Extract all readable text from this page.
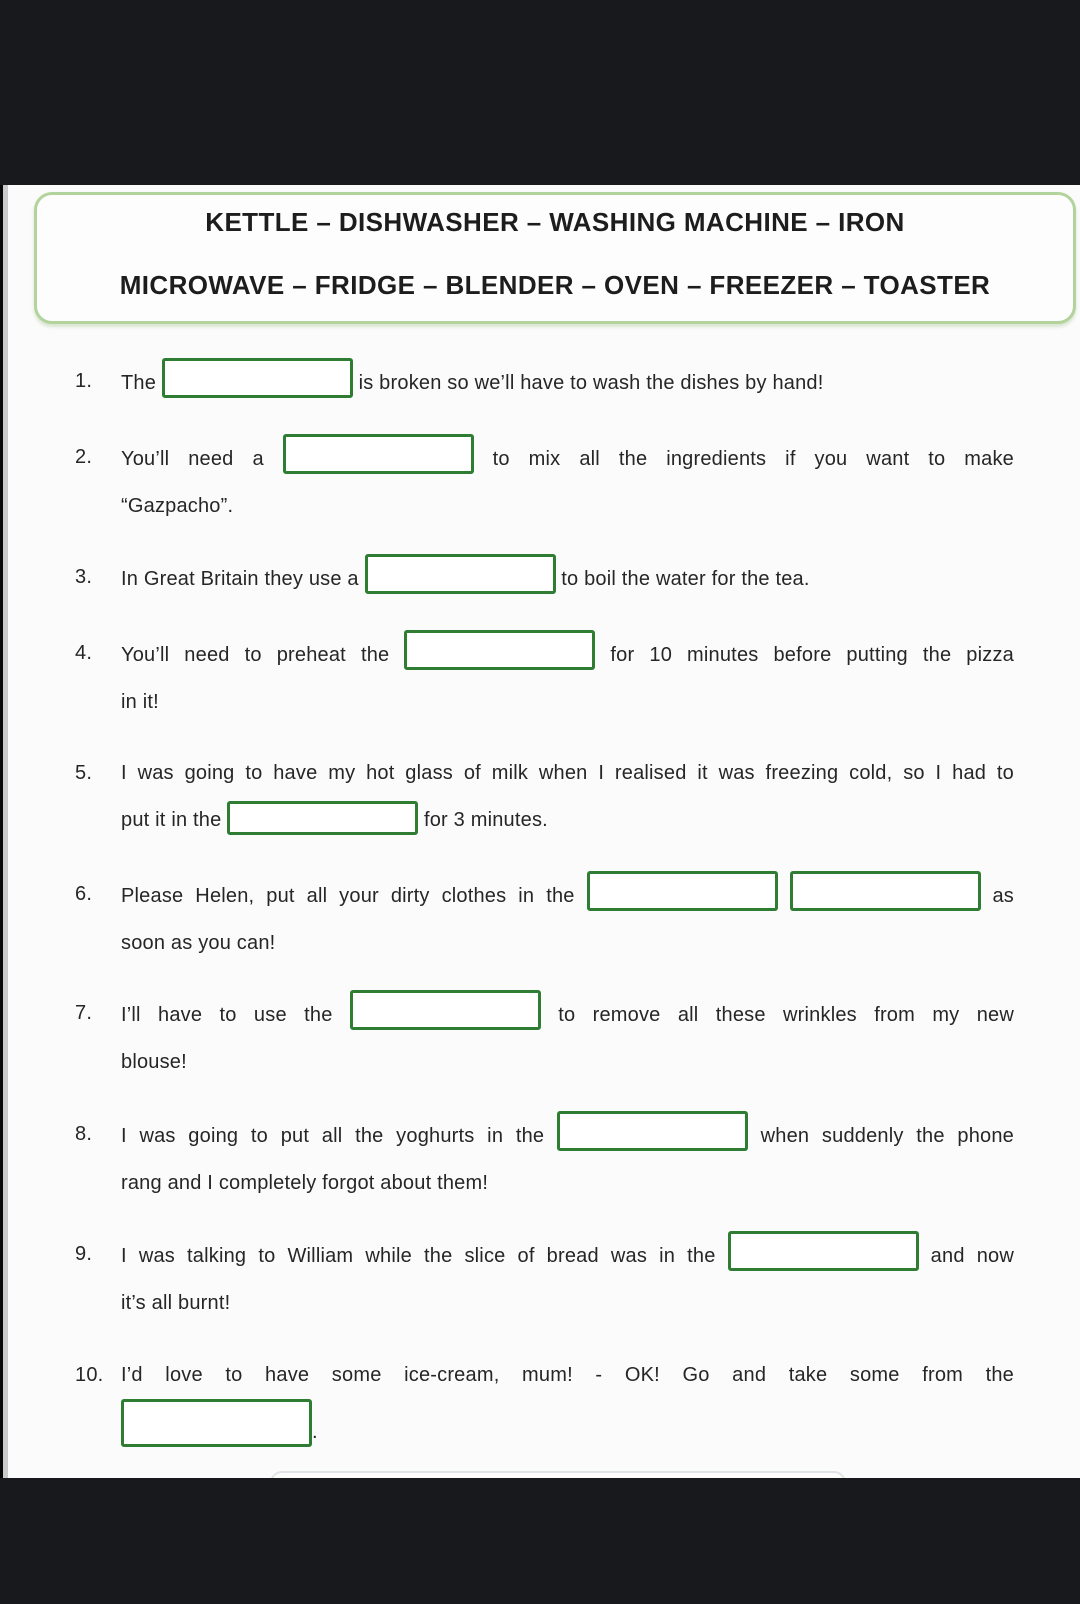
KETTLE – DISHWASHER – WASHING MACHINE – IRON
MICROWAVE – FRIDGE – BLENDER – OVEN – FREEZER – TOASTER
1.	The	is broken so we’ll have to wash the dishes by hand!
2.	You’ll need a	to mix all the ingredients if you want to make
“Gazpacho”.
3.	In Great Britain they use a	to boil the water for the tea.
4.	You’ll need to preheat the	for 10 minutes before putting the pizza
in it!
5.	I was going to have my hot glass of milk when I realised it was freezing cold, so I had to
put it in the	for 3 minutes.
6.	Please Helen, put all your dirty clothes in the	as
soon as you can!
7.	I’ll have to use the	to remove all these wrinkles from my new
blouse!
8.	I was going to put all the yoghurts in the	when suddenly the phone
rang and I completely forgot about them!
9.	I was talking to William while the slice of bread was in the	and now
it’s all burnt!
10. I’d love to have some ice-cream, mum! - OK! Go and take some from the
.
